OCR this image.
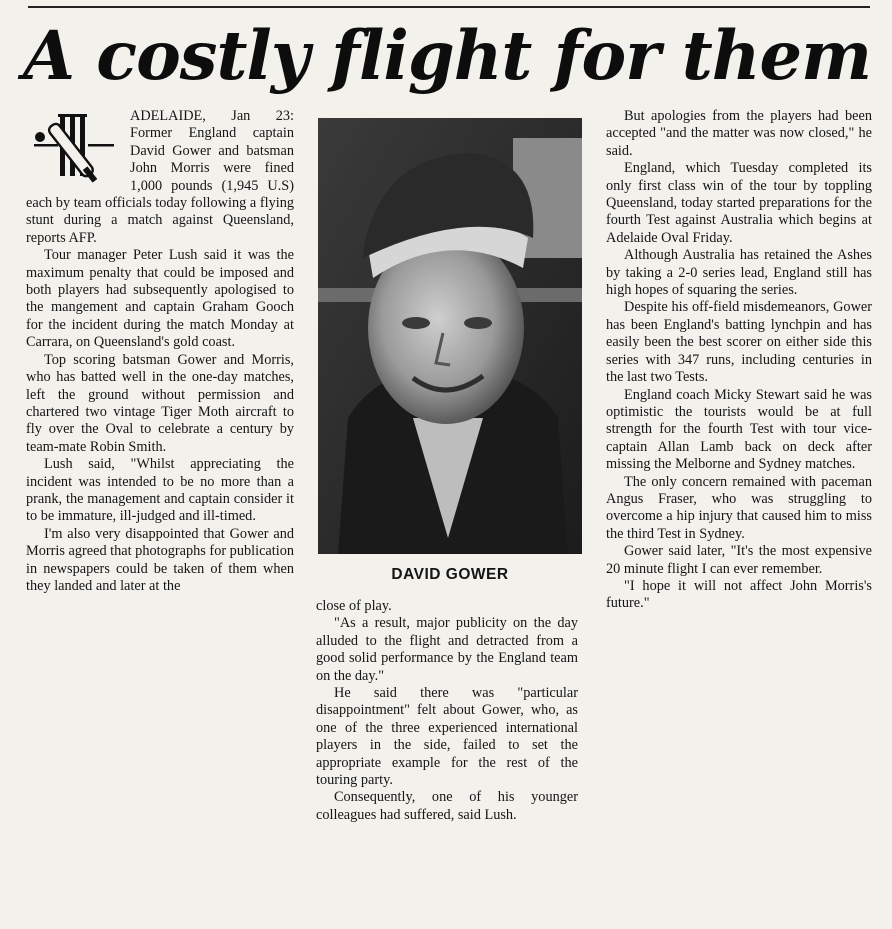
A costly flight for them

ADELAIDE, Jan 23: Former England captain David Gower and batsman John Morris were fined 1,000 pounds (1,945 U.S) each by team officials today following a flying stunt during a match against Queensland, reports AFP.

Tour manager Peter Lush said it was the maximum penalty that could be imposed and both players had subsequently apologised to the mangement and captain Graham Gooch for the incident during the match Monday at Carrara, on Queensland's gold coast.

Top scoring batsman Gower and Morris, who has batted well in the one-day matches, left the ground without permission and chartered two vintage Tiger Moth aircraft to fly over the Oval to celebrate a century by team-mate Robin Smith.

Lush said, "Whilst appreciating the incident was intended to be no more than a prank, the management and captain consider it to be immature, ill-judged and ill-timed.

I'm also very disappointed that Gower and Morris agreed that photographs for publication in newspapers could be taken of them when they landed and later at the

DAVID GOWER

close of play.

"As a result, major publicity on the day alluded to the flight and detracted from a good solid performance by the England team on the day."

He said there was "particular disappointment" felt about Gower, who, as one of the three experienced international players in the side, failed to set the appropriate example for the rest of the touring party.

Consequently, one of his younger colleagues had suffered, said Lush.

But apologies from the players had been accepted "and the matter was now closed," he said.

England, which Tuesday completed its only first class win of the tour by toppling Queensland, today started preparations for the fourth Test against Australia which begins at Adelaide Oval Friday.

Although Australia has retained the Ashes by taking a 2-0 series lead, England still has high hopes of squaring the series.

Despite his off-field misdemeanors, Gower has been England's batting lynchpin and has easily been the best scorer on either side this series with 347 runs, including centuries in the last two Tests.

England coach Micky Stewart said he was optimistic the tourists would be at full strength for the fourth Test with tour vice-captain Allan Lamb back on deck after missing the Melborne and Sydney matches.

The only concern remained with paceman Angus Fraser, who was struggling to overcome a hip injury that caused him to miss the third Test in Sydney.

Gower said later, "It's the most expensive 20 minute flight I can ever remember.

"I hope it will not affect John Morris's future."
